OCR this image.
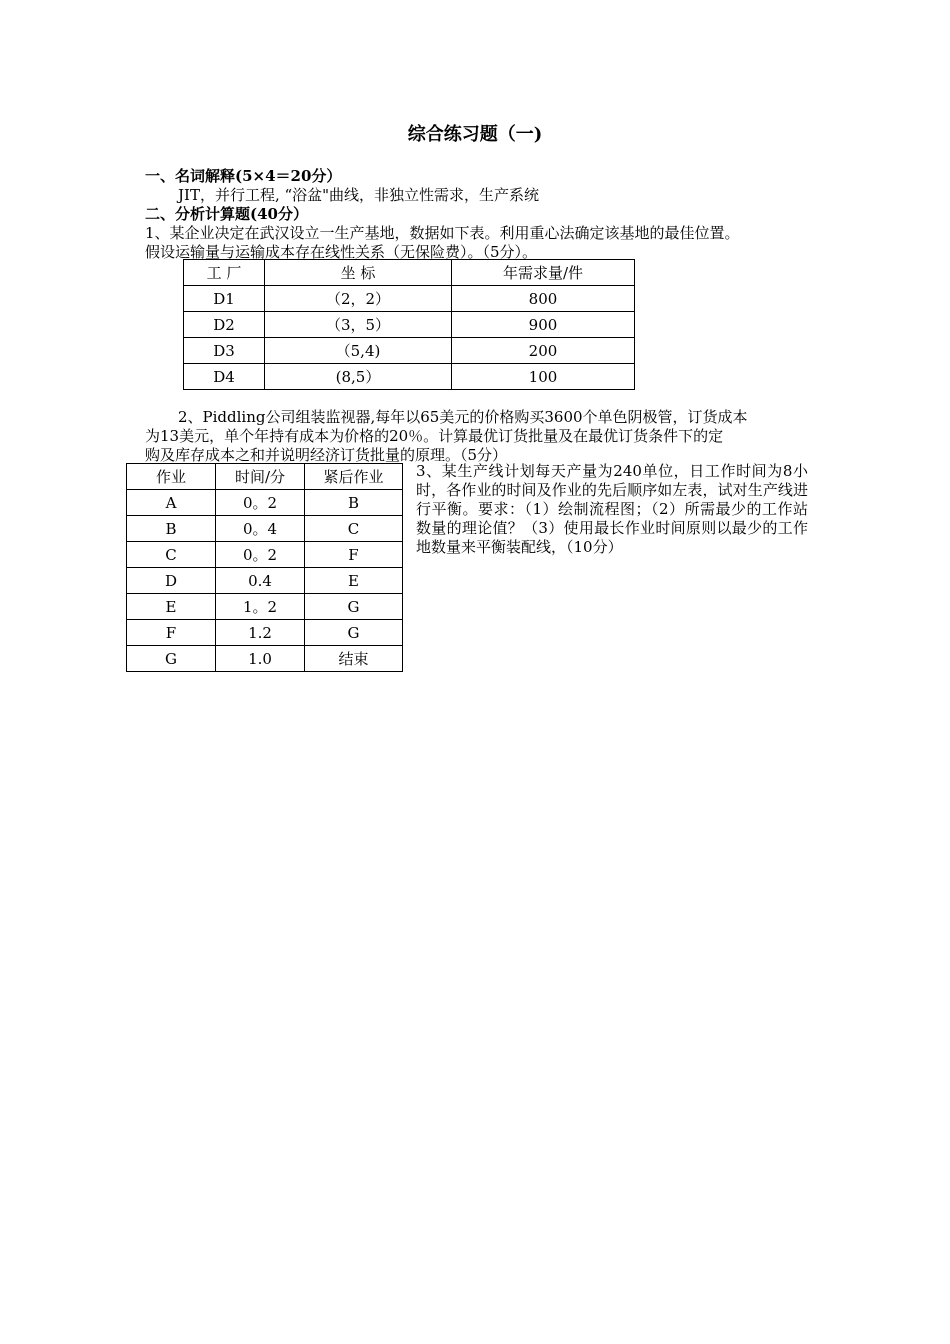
综合练习题（一)
一、名词解释(5×4＝20分）
JIT，并行工程, “浴盆"曲线，非独立性需求，生产系统
二、分析计算题(40分）
1、某企业决定在武汉设立一生产基地，数据如下表。利用重心法确定该基地的最佳位置。
假设运输量与运输成本存在线性关系（无保险费）。（5分）。
工 厂	坐 标	年需求量/件
D1	（2，2）	800
D2	（3，5）	900
D3	（5,4)	200
D4	(8,5）	100
2、Piddling公司组装监视器,每年以65美元的价格购买3600个单色阴极管，订货成本
为13美元，单个年持有成本为价格的20％。计算最优订货批量及在最优订货条件下的定
购及库存成本之和并说明经济订货批量的原理。（5分）
作业	时间/分	紧后作业
A	0。2	B
B	0。4	C
C	0。2	F
D	0.4	E
E	1。2	G
F	1.2	G
G	1.0	结束
3、某生产线计划每天产量为240单位，日工作时间为8小时，各作业的时间及作业的先后顺序如左表，试对生产线进行平衡。要求：（1）绘制流程图；（2）所需最少的工作站数量的理论值？（3）使用最长作业时间原则以最少的工作地数量来平衡装配线，（10分）
